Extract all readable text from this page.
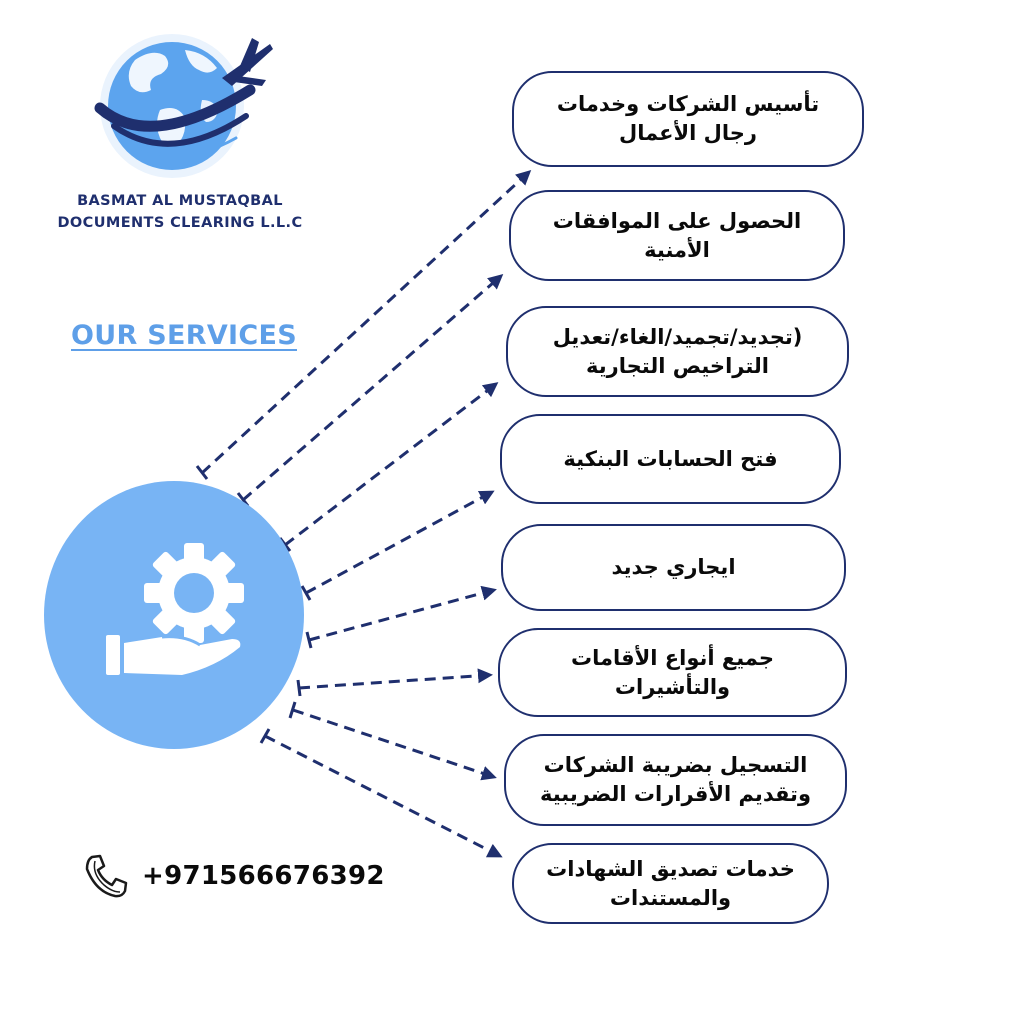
BASMAT AL MUSTAQBAL
DOCUMENTS CLEARING L.L.C
OUR SERVICES
تأسيس الشركات وخدمات
رجال الأعمال
الحصول على الموافقات
الأمنية
(تجديد/تجميد/الغاء/تعديل
التراخيص التجارية
فتح الحسابات البنكية
ايجاري جديد
جميع أنواع الأقامات
والتأشيرات
التسجيل بضريبة الشركات
وتقديم الأقرارات الضريبية
خدمات تصديق الشهادات
والمستندات
+971566676392
